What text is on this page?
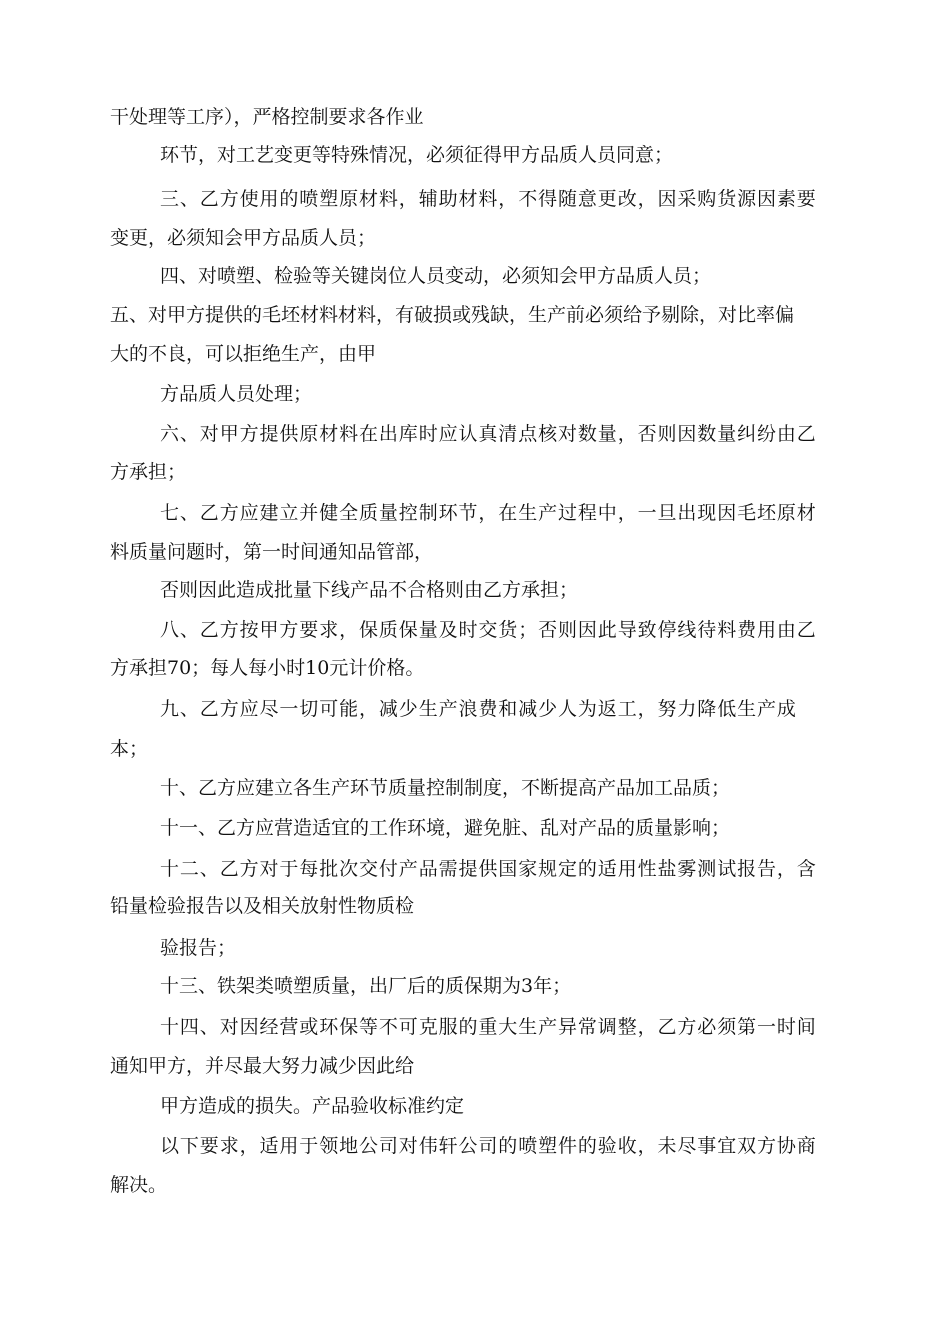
干处理等工序），严格控制要求各作业
环节，对工艺变更等特殊情况，必须征得甲方品质人员同意；
三、乙方使用的喷塑原材料，辅助材料，不得随意更改，因采购货源因素要
变更，必须知会甲方品质人员；
四、对喷塑、检验等关键岗位人员变动，必须知会甲方品质人员；
五、对甲方提供的毛坯材料材料，有破损或残缺，生产前必须给予剔除，对比率偏
大的不良，可以拒绝生产，由甲
方品质人员处理；
六、对甲方提供原材料在出库时应认真清点核对数量，否则因数量纠纷由乙
方承担；
七、乙方应建立并健全质量控制环节，在生产过程中，一旦出现因毛坯原材
料质量问题时，第一时间通知品管部，
否则因此造成批量下线产品不合格则由乙方承担；
八、乙方按甲方要求，保质保量及时交货；否则因此导致停线待料费用由乙
方承担70；每人每小时10元计价格。
九、乙方应尽一切可能，减少生产浪费和减少人为返工，努力降低生产成
本；
十、乙方应建立各生产环节质量控制制度，不断提高产品加工品质；
十一、乙方应营造适宜的工作环境，避免脏、乱对产品的质量影响；
十二、乙方对于每批次交付产品需提供国家规定的适用性盐雾测试报告，含
铅量检验报告以及相关放射性物质检
验报告；
十三、铁架类喷塑质量，出厂后的质保期为3年；
十四、对因经营或环保等不可克服的重大生产异常调整，乙方必须第一时间
通知甲方，并尽最大努力减少因此给
甲方造成的损失。产品验收标准约定
以下要求，适用于领地公司对伟轩公司的喷塑件的验收，未尽事宜双方协商
解决。
